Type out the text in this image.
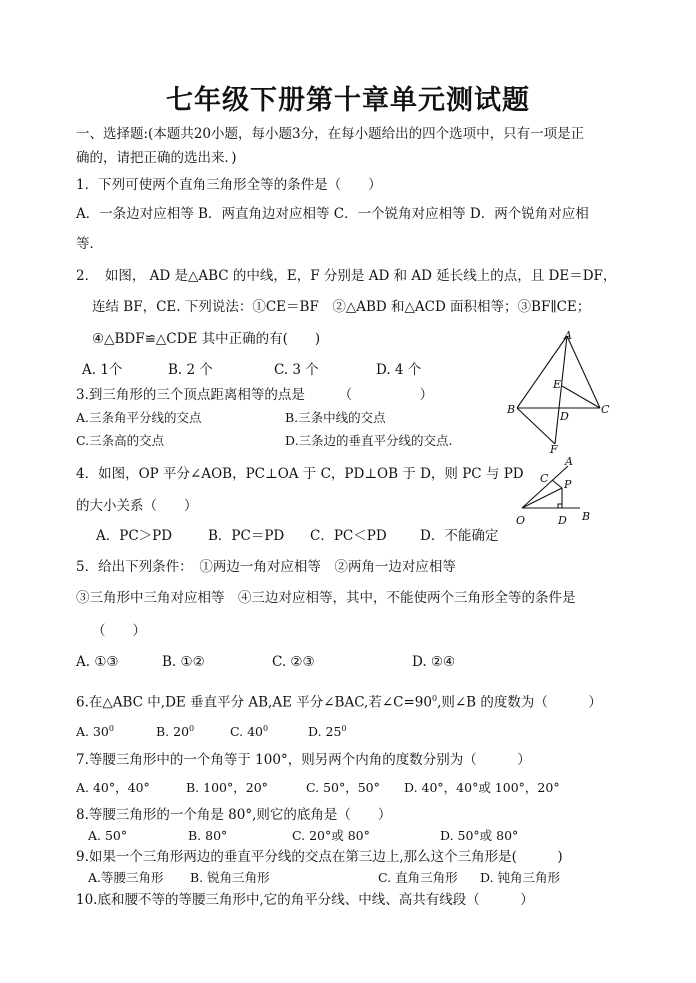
七年级下册第十章单元测试题
一、选择题:(本题共20小题，每小题3分，在每小题给出的四个选项中，只有一项是正
确的，请把正确的选出来．)
1．下列可使两个直角三角形全等的条件是（　　）
A．一条边对应相等 B．两直角边对应相等 C．一个锐角对应相等 D．两个锐角对应相
等．
2．　如图， AD 是△ABC 的中线，E，F 分别是 AD 和 AD 延长线上的点，且 DE＝DF，
连结 BF，CE. 下列说法：①CE＝BF　②△ABD 和△ACD 面积相等；③BF∥CE；
④△BDF≌△CDE 其中正确的有(　　)
A. 1个	B. 2 个	C. 3 个	D. 4 个
A
B	C
D
E
F
3.到三角形的三个顶点距离相等的点是　　　（　　　　　）
A.三条角平分线的交点	B.三条中线的交点
C.三条高的交点	D.三条边的垂直平分线的交点.
4．如图，OP 平分∠AOB，PC⊥OA 于 C，PD⊥OB 于 D，则 PC 与 PD
的大小关系（　　）
A．PC＞PD	B．PC＝PD C．PC＜PD D．不能确定
A
B
C
D
O
P
5．给出下列条件：　①两边一角对应相等　②两角一边对应相等
③三角形中三角对应相等　④三边对应相等，其中，不能使两个三角形全等的条件是
（　　）
A. ①③	B. ①②	C. ②③	D. ②④
6.在△ABC 中,DE 垂直平分 AB,AE 平分∠BAC,若$\angle C=90^0$,则∠B 的度数为（　　　）
A. $30^0$	B. $20^0$	C. $40^0$	D. $25^0$
7.等腰三角形中的一个角等于 100°，则另两个内角的度数分别为（　　　）
A. 40°，40°	B. 100°，20°	C. 50°，50° D. 40°，40°或 100°，20°
8.等腰三角形的一个角是 80°,则它的底角是（　　）
A. 50°	B. 80°	C. 20°或 80°	D. 50°或 80°
9.如果一个三角形两边的垂直平分线的交点在第三边上,那么这个三角形是(　　　)
A.等腰三角形 B. 锐角三角形	C. 直角三角形 D. 钝角三角形
10.底和腰不等的等腰三角形中,它的角平分线、中线、高共有线段（　　　）
